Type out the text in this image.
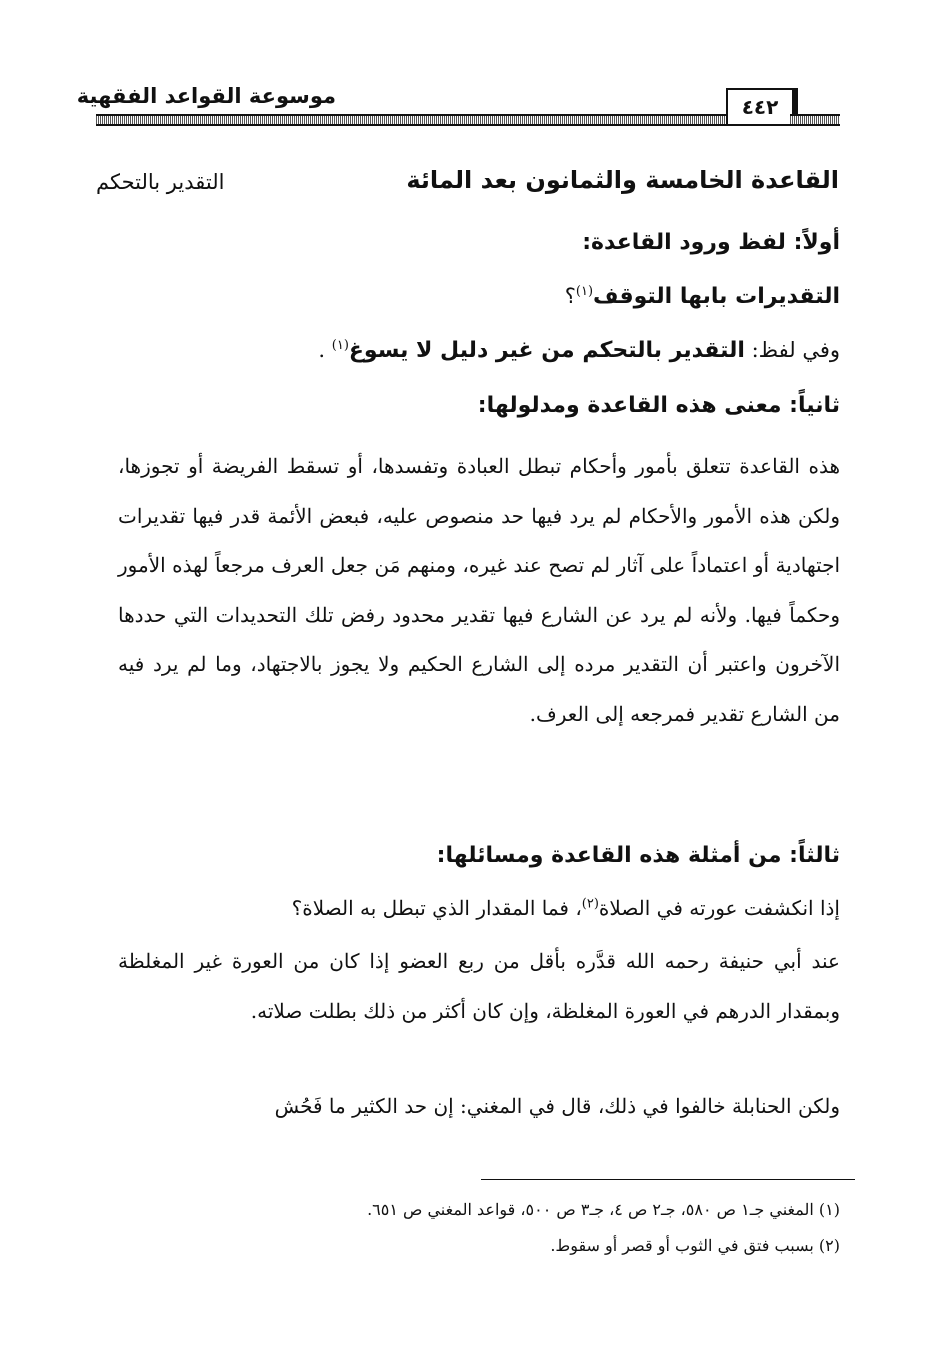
موسوعة القواعد الفقهية	٤٤٢
القاعدة الخامسة والثمانون بعد المائة
التقدير بالتحكم
أولاً: لفظ ورود القاعدة:
التقديرات بابها التوقف$^{(١)}$؟
وفي لفظ: التقدير بالتحكم من غير دليل لا يسوغ$^{(١)}$ .
ثانياً: معنى هذه القاعدة ومدلولها:
هذه القاعدة تتعلق بأمور وأحكام تبطل العبادة وتفسدها، أو تسقط الفريضة أو تجوزها، ولكن هذه الأمور والأحكام لم يرد فيها حد منصوص عليه، فبعض الأئمة قدر فيها تقديرات اجتهادية أو اعتماداً على آثار لم تصح عند غيره، ومنهم مَن جعل العرف مرجعاً لهذه الأمور وحكماً فيها. ولأنه لم يرد عن الشارع فيها تقدير محدود رفض تلك التحديدات التي حددها الآخرون واعتبر أن التقدير مرده إلى الشارع الحكيم ولا يجوز بالاجتهاد، وما لم يرد فيه من الشارع تقدير فمرجعه إلى العرف.
ثالثاً: من أمثلة هذه القاعدة ومسائلها:
إذا انكشفت عورته في الصلاة$^{(٢)}$، فما المقدار الذي تبطل به الصلاة؟
عند أبي حنيفة رحمه الله قدَّره بأقل من ربع العضو إذا كان من العورة غير المغلظة وبمقدار الدرهم في العورة المغلظة، وإن كان أكثر من ذلك بطلت صلاته.
ولكن الحنابلة خالفوا في ذلك، قال في المغني: إن حد الكثير ما فَحُش
(١) المغني جـ١ ص ٥٨٠، جـ٢ ص ٤، جـ٣ ص ٥٠٠، قواعد المغني ص ٦٥١.
(٢) بسبب فتق في الثوب أو قصر أو سقوط.
